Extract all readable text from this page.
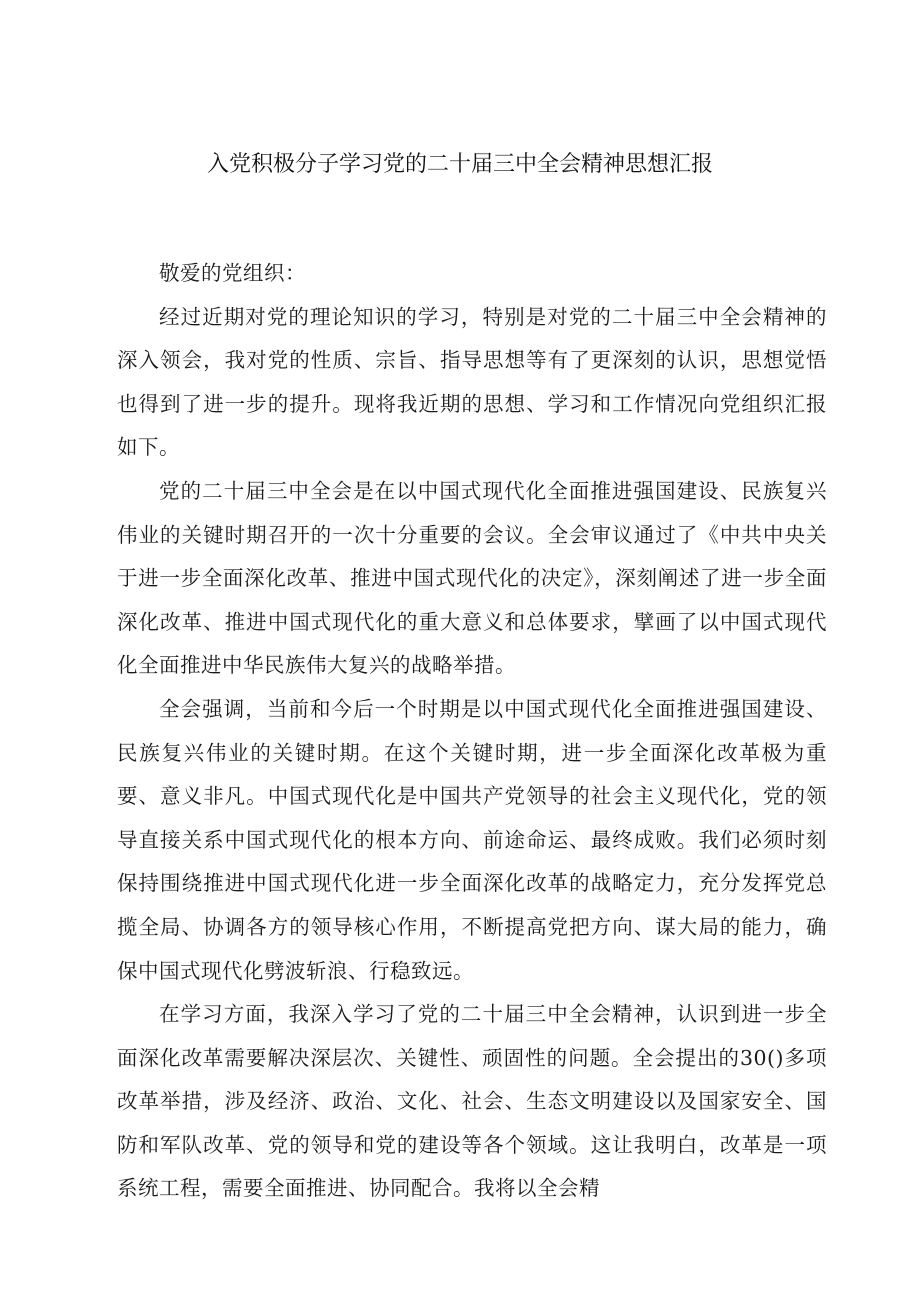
入党积极分子学习党的二十届三中全会精神思想汇报

敬爱的党组织：

经过近期对党的理论知识的学习，特别是对党的二十届三中全会精神的深入领会，我对党的性质、宗旨、指导思想等有了更深刻的认识，思想觉悟也得到了进一步的提升。现将我近期的思想、学习和工作情况向党组织汇报如下。

党的二十届三中全会是在以中国式现代化全面推进强国建设、民族复兴伟业的关键时期召开的一次十分重要的会议。全会审议通过了《中共中央关于进一步全面深化改革、推进中国式现代化的决定》，深刻阐述了进一步全面深化改革、推进中国式现代化的重大意义和总体要求，擘画了以中国式现代化全面推进中华民族伟大复兴的战略举措。

全会强调，当前和今后一个时期是以中国式现代化全面推进强国建设、民族复兴伟业的关键时期。在这个关键时期，进一步全面深化改革极为重要、意义非凡。中国式现代化是中国共产党领导的社会主义现代化，党的领导直接关系中国式现代化的根本方向、前途命运、最终成败。我们必须时刻保持围绕推进中国式现代化进一步全面深化改革的战略定力，充分发挥党总揽全局、协调各方的领导核心作用，不断提高党把方向、谋大局的能力，确保中国式现代化劈波斩浪、行稳致远。

在学习方面，我深入学习了党的二十届三中全会精神，认识到进一步全面深化改革需要解决深层次、关键性、顽固性的问题。全会提出的30()多项改革举措，涉及经济、政治、文化、社会、生态文明建设以及国家安全、国防和军队改革、党的领导和党的建设等各个领域。这让我明白，改革是一项系统工程，需要全面推进、协同配合。我将以全会精
